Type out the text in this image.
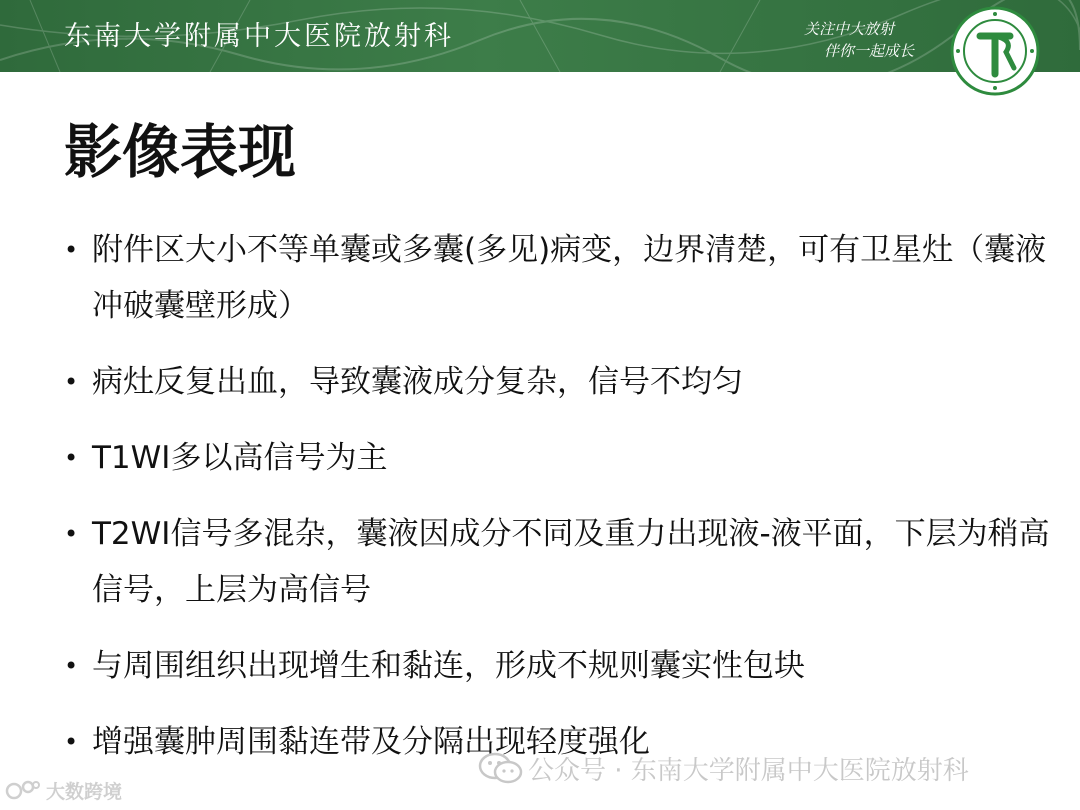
东南大学附属中大医院放射科	关注中大放射
伴你一起成长
影像表现
• 附件区大小不等单囊或多囊(多见)病变，边界清楚，可有卫星灶（囊液冲破囊壁形成）
• 病灶反复出血，导致囊液成分复杂，信号不均匀
• T1WI多以高信号为主
• T2WI信号多混杂，囊液因成分不同及重力出现液-液平面，下层为稍高信号，上层为高信号
• 与周围组织出现增生和黏连，形成不规则囊实性包块
• 增强囊肿周围黏连带及分隔出现轻度强化
公众号 · 东南大学附属中大医院放射科
大数跨境
